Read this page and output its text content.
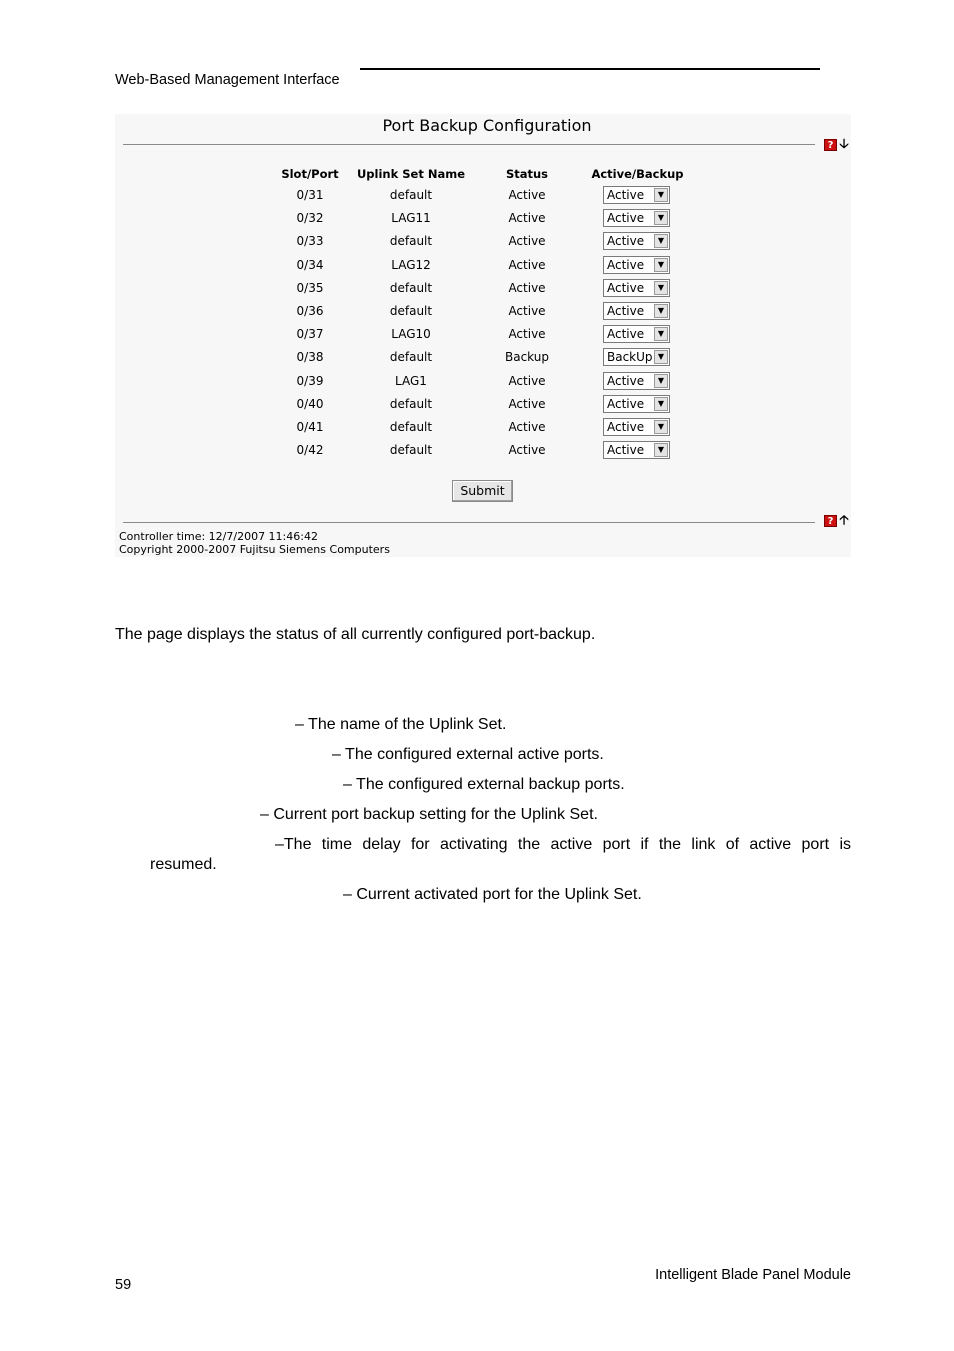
Web-Based Management Interface
Port Backup Configuration
? 🡣
Slot/Port	Uplink Set Name	Status	Active/Backup
Submit
? 🡡
Controller time: 12/7/2007 11:46:42
Copyright 2000-2007 Fujitsu Siemens Computers
0/31	default	Active	Active	▼
0/32	LAG11	Active	Active	▼
0/33	default	Active	Active	▼
0/34	LAG12	Active	Active	▼
0/35	default	Active	Active	▼
0/36	default	Active	Active	▼
0/37	LAG10	Active	Active	▼
0/38	default	Backup	BackUp ▼
0/39	LAG1	Active	Active	▼
0/40	default	Active	Active	▼
0/41	default	Active	Active	▼
0/42	default	Active	Active	▼
The page displays the status of all currently configured port-backup.
– The name of the Uplink Set.
– The configured external active ports.
– The configured external backup ports.
– Current port backup setting for the Uplink Set.
–The time delay for activating the active port if the link of active port is
resumed.
– Current activated port for the Uplink Set.
59
Intelligent Blade Panel Module
